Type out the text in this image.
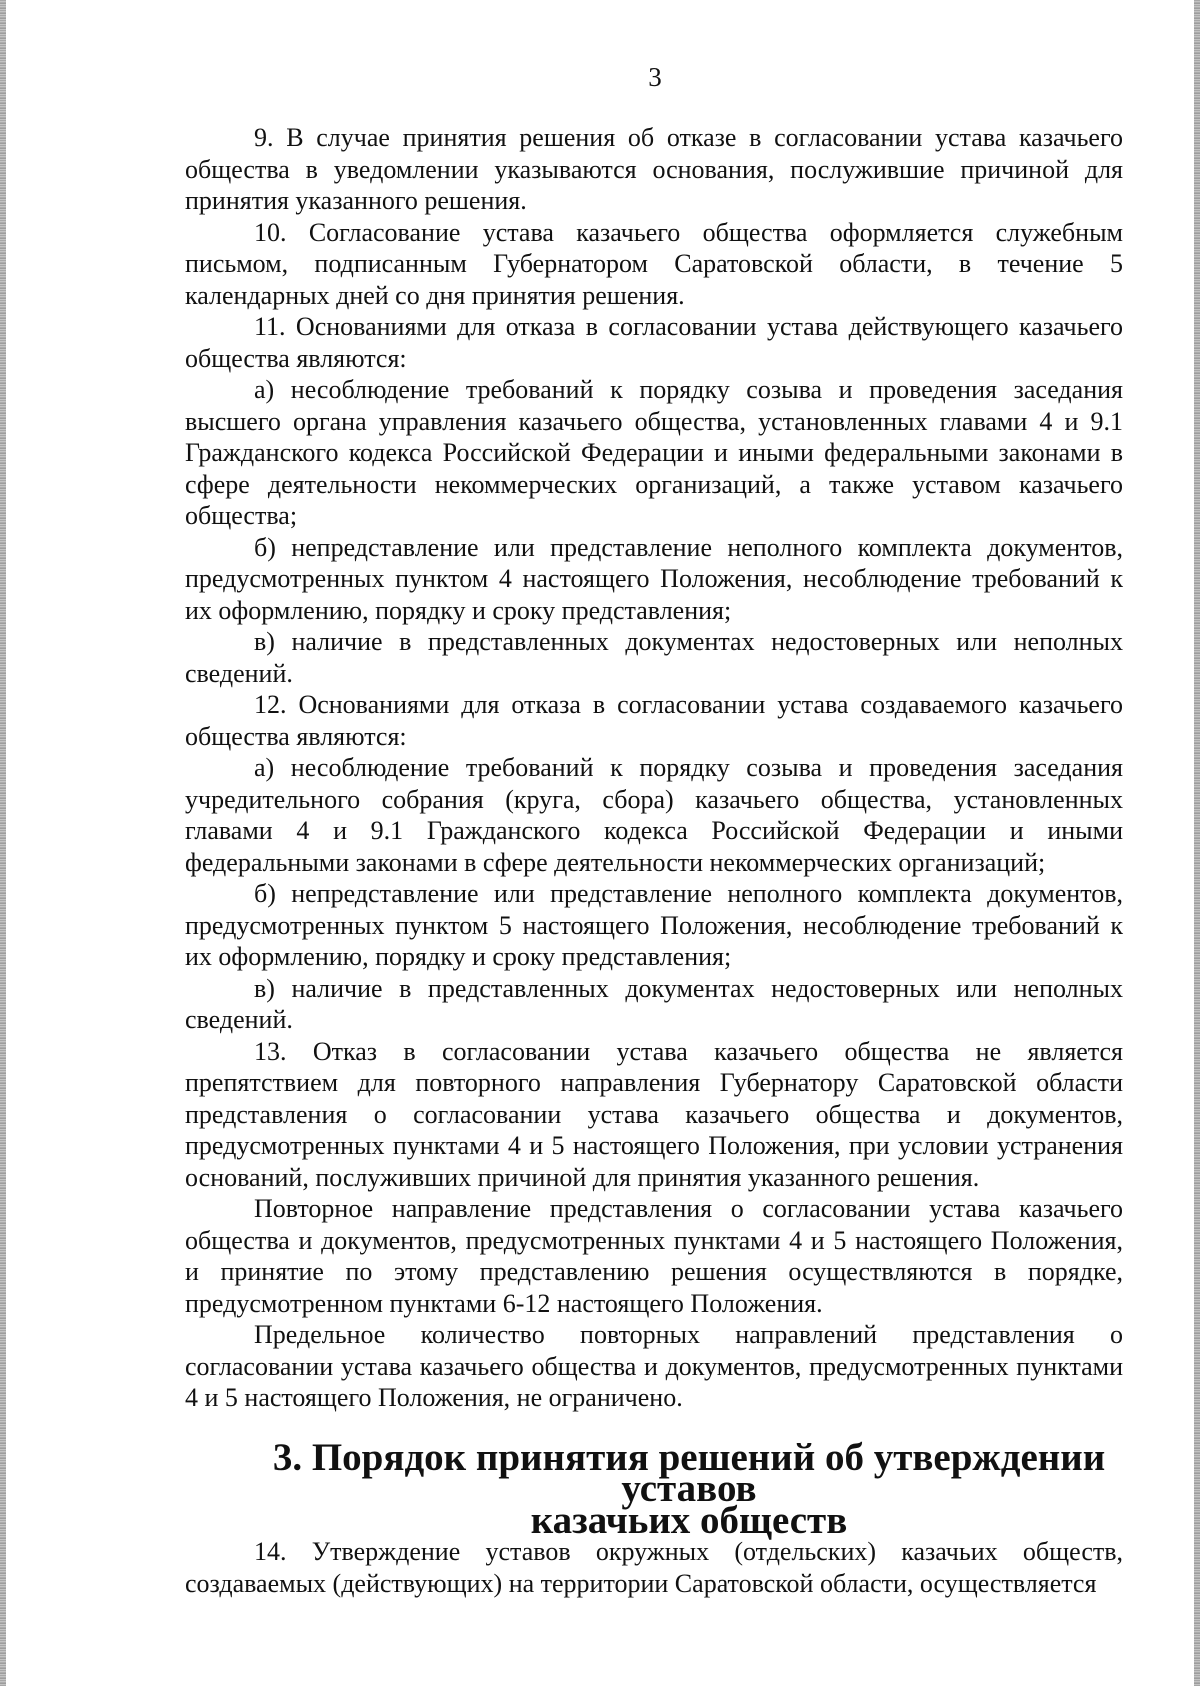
3

9. В случае принятия решения об отказе в согласовании устава казачьего общества в уведомлении указываются основания, послужившие причиной для принятия указанного решения.

10. Согласование устава казачьего общества оформляется служебным письмом, подписанным Губернатором Саратовской области, в течение 5 календарных дней со дня принятия решения.

11. Основаниями для отказа в согласовании устава действующего казачьего общества являются:

а) несоблюдение требований к порядку созыва и проведения заседания высшего органа управления казачьего общества, установленных главами 4 и 9.1 Гражданского кодекса Российской Федерации и иными федеральными законами в сфере деятельности некоммерческих организаций, а также уставом казачьего общества;

б) непредставление или представление неполного комплекта документов, предусмотренных пунктом 4 настоящего Положения, несоблюдение требований к их оформлению, порядку и сроку представления;

в) наличие в представленных документах недостоверных или неполных сведений.

12. Основаниями для отказа в согласовании устава создаваемого казачьего общества являются:

а) несоблюдение требований к порядку созыва и проведения заседания учредительного собрания (круга, сбора) казачьего общества, установленных главами 4 и 9.1 Гражданского кодекса Российской Федерации и иными федеральными законами в сфере деятельности некоммерческих организаций;

б) непредставление или представление неполного комплекта документов, предусмотренных пунктом 5 настоящего Положения, несоблюдение требований к их оформлению, порядку и сроку представления;

в) наличие в представленных документах недостоверных или неполных сведений.

13. Отказ в согласовании устава казачьего общества не является препятствием для повторного направления Губернатору Саратовской области представления о согласовании устава казачьего общества и документов, предусмотренных пунктами 4 и 5 настоящего Положения, при условии устранения оснований, послуживших причиной для принятия указанного решения.

Повторное направление представления о согласовании устава казачьего общества и документов, предусмотренных пунктами 4 и 5 настоящего Положения, и принятие по этому представлению решения осуществляются в порядке, предусмотренном пунктами 6-12 настоящего Положения.

Предельное количество повторных направлений представления о согласовании устава казачьего общества и документов, предусмотренных пунктами 4 и 5 настоящего Положения, не ограничено.

3. Порядок принятия решений об утверждении уставов
казачьих обществ

14. Утверждение уставов окружных (отдельских) казачьих обществ, создаваемых (действующих) на территории Саратовской области, осуществляется
